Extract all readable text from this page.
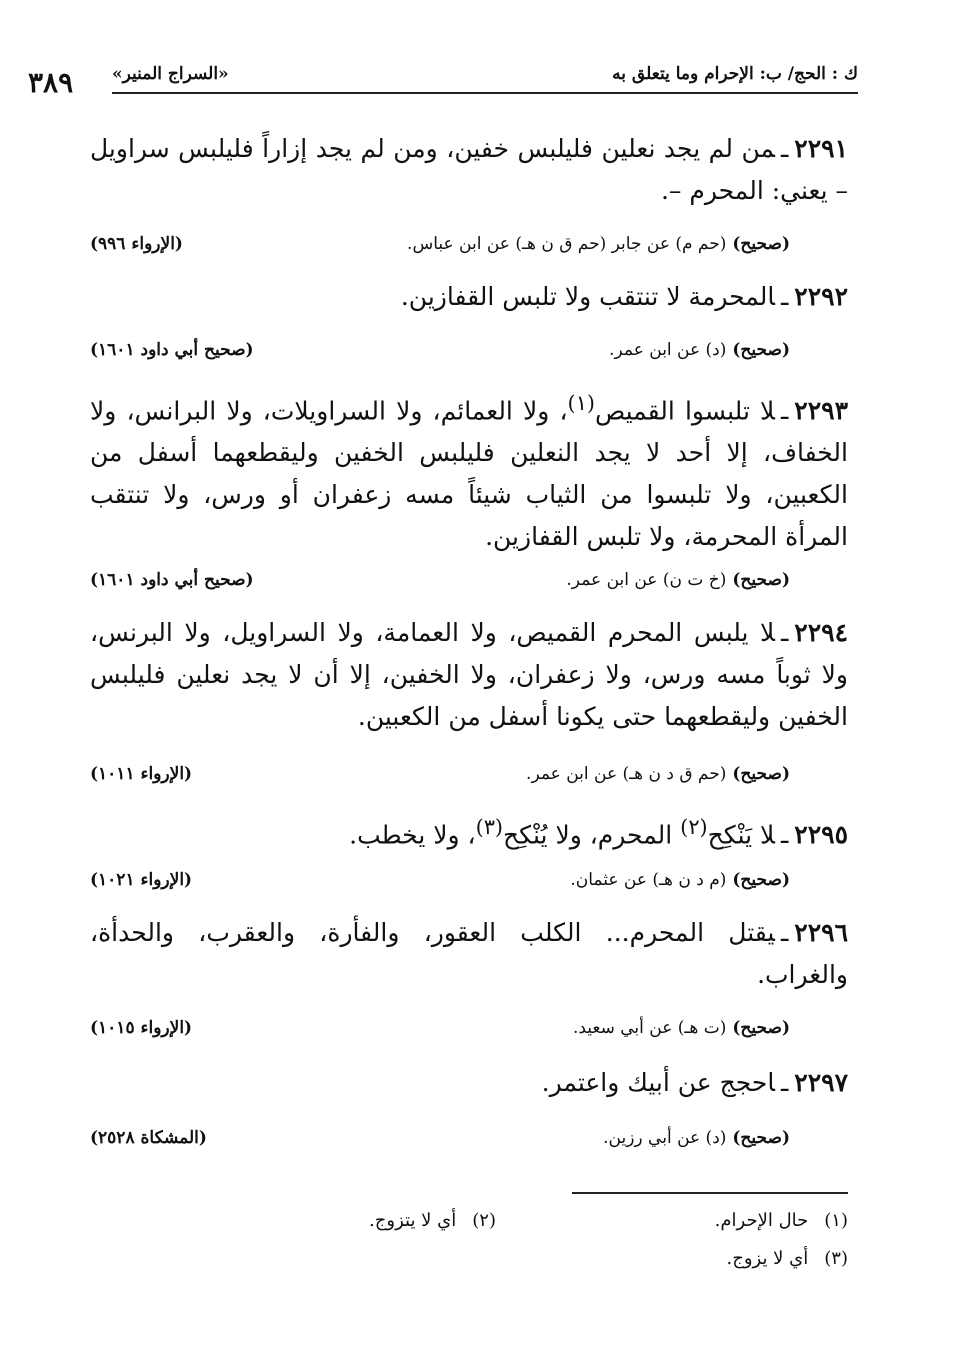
ك : الحج/ ب: الإحرام وما يتعلق به
«السراج المنير»
٣٨٩
٢٢٩١ـمن لم يجد نعلين فليلبس خفين، ومن لم يجد إزاراً فليلبس سراويل – يعني: المحرم –.
(صحيح)(حم م) عن جابر (حم ق ن هـ) عن ابن عباس.
(الإرواء ٩٩٦)
٢٢٩٢ـالمحرمة لا تنتقب ولا تلبس القفازين.
(صحيح)(د) عن ابن عمر.
(صحيح أبي داود ١٦٠١)
٢٢٩٣ـلا تلبسوا القميص$^{(١)}$، ولا العمائم، ولا السراويلات، ولا البرانس، ولا الخفاف، إلا أحد لا يجد النعلين فليلبس الخفين وليقطعهما أسفل من الكعبين، ولا تلبسوا من الثياب شيئاً مسه زعفران أو ورس، ولا تنتقب المرأة المحرمة، ولا تلبس القفازين.
(صحيح)(خ ت ن) عن ابن عمر.
(صحيح أبي داود ١٦٠١)
٢٢٩٤ـلا يلبس المحرم القميص، ولا العمامة، ولا السراويل، ولا البرنس، ولا ثوباً مسه ورس، ولا زعفران، ولا الخفين، إلا أن لا يجد نعلين فليلبس الخفين وليقطعهما حتى يكونا أسفل من الكعبين.
(صحيح)(حم ق د ن هـ) عن ابن عمر.
(الإرواء ١٠١١)
٢٢٩٥ـلا يَنْكِح$^{(٢)}$ المحرم، ولا يُنْكِح$^{(٣)}$، ولا يخطب.
(صحيح)(م د ن هـ) عن عثمان.
(الإرواء ١٠٢١)
٢٢٩٦ـيقتل المحرم... الكلب العقور، والفأرة، والعقرب، والحدأة، والغراب.
(صحيح)(ت هـ) عن أبي سعيد.
(الإرواء ١٠١٥)
٢٢٩٧ـاحجج عن أبيك واعتمر.
(صحيح)(د) عن أبي رزين.
(المشكاة ٢٥٢٨)
(١)حال الإحرام.
(٢)أي لا يتزوج.
(٣)أي لا يزوج.
